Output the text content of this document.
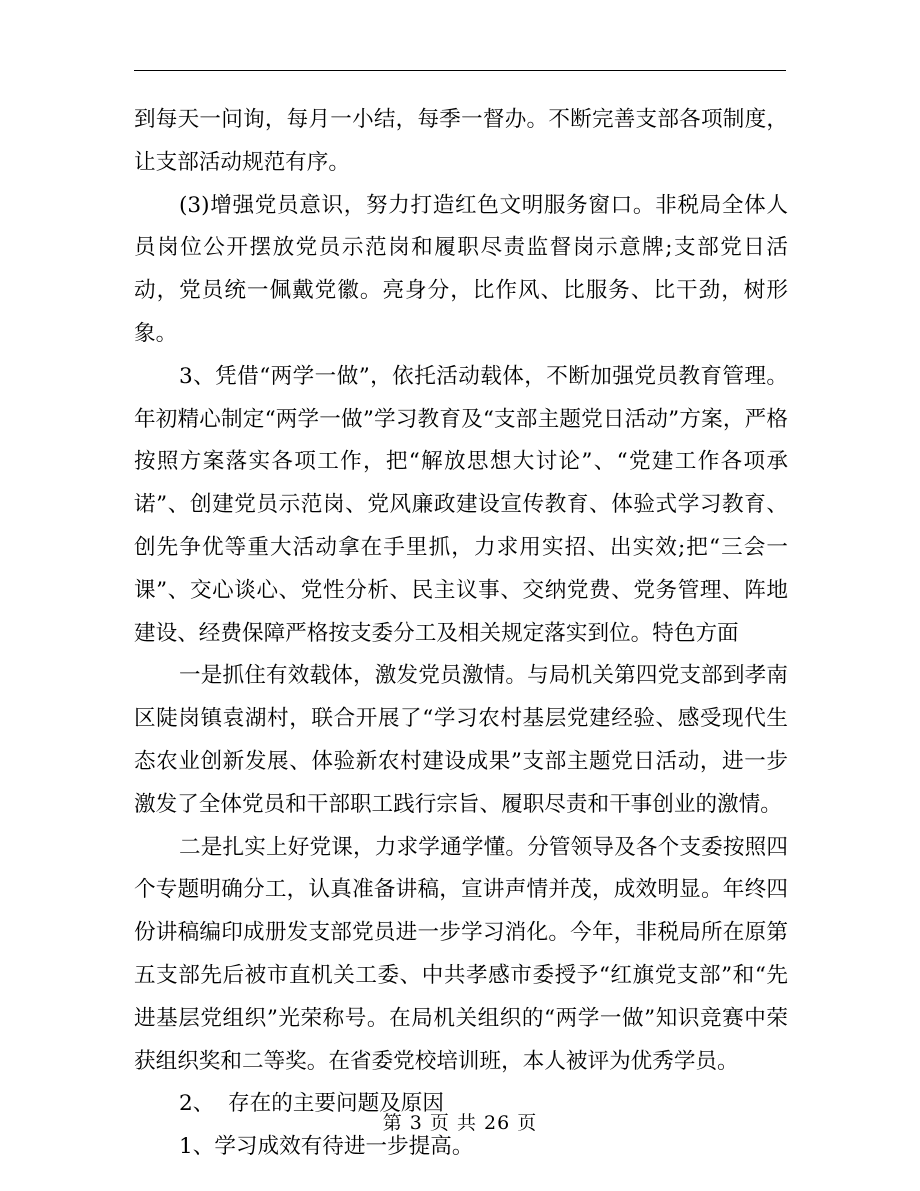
到每天一问询，每月一小结，每季一督办。不断完善支部各项制度，让支部活动规范有序。

(3)增强党员意识，努力打造红色文明服务窗口。非税局全体人员岗位公开摆放党员示范岗和履职尽责监督岗示意牌;支部党日活动，党员统一佩戴党徽。亮身分，比作风、比服务、比干劲，树形象。

3、凭借“两学一做”，依托活动载体，不断加强党员教育管理。年初精心制定“两学一做”学习教育及“支部主题党日活动”方案，严格按照方案落实各项工作，把“解放思想大讨论”、“党建工作各项承诺”、创建党员示范岗、党风廉政建设宣传教育、体验式学习教育、创先争优等重大活动拿在手里抓，力求用实招、出实效;把“三会一课”、交心谈心、党性分析、民主议事、交纳党费、党务管理、阵地建设、经费保障严格按支委分工及相关规定落实到位。特色方面

一是抓住有效载体，激发党员激情。与局机关第四党支部到孝南区陡岗镇袁湖村，联合开展了“学习农村基层党建经验、感受现代生态农业创新发展、体验新农村建设成果”支部主题党日活动，进一步激发了全体党员和干部职工践行宗旨、履职尽责和干事创业的激情。

二是扎实上好党课，力求学通学懂。分管领导及各个支委按照四个专题明确分工，认真准备讲稿，宣讲声情并茂，成效明显。年终四份讲稿编印成册发支部党员进一步学习消化。今年，非税局所在原第五支部先后被市直机关工委、中共孝感市委授予“红旗党支部”和“先进基层党组织”光荣称号。在局机关组织的“两学一做”知识竞赛中荣获组织奖和二等奖。在省委党校培训班，本人被评为优秀学员。

2、  存在的主要问题及原因

1、学习成效有待进一步提高。

第 3 页 共 26 页
